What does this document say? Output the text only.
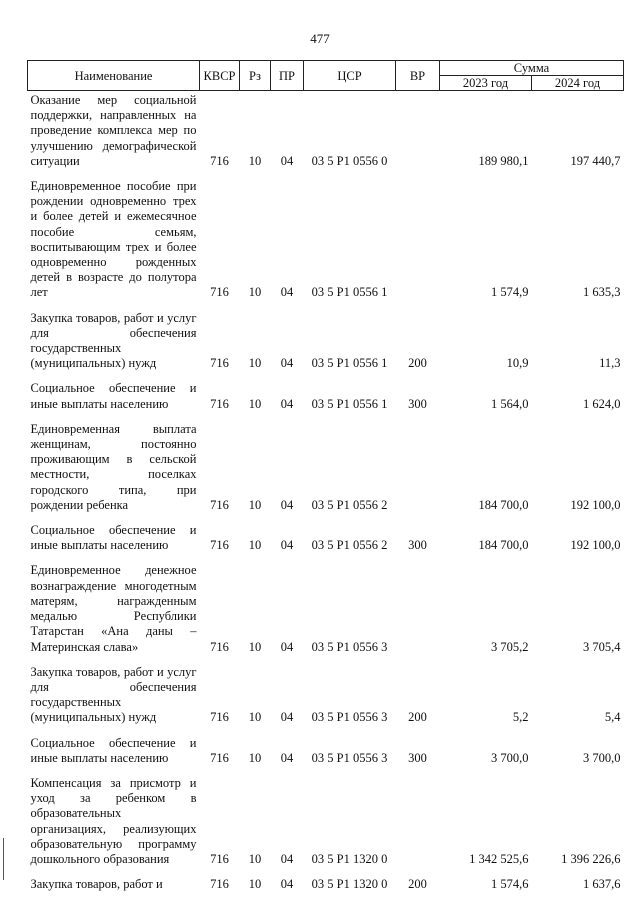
477
Наименование	КВСР	Рз	ПР	ЦСР	ВР	Сумма	
						2023 год	2024 год
Оказание мер социальной поддержки, направленных на проведение комплекса мер по улучшению демографической ситуации	716	10	04	03 5 Р1 0556 0		189 980,1	197 440,7
Единовременное пособие при рождении одновременно трех и более детей и ежемесячное пособие семьям, воспитывающим трех и более одновременно рожденных детей в возрасте до полутора лет	716	10	04	03 5 Р1 0556 1		1 574,9	1 635,3
Закупка товаров, работ и услуг для обеспечения государственных (муниципальных) нужд	716	10	04	03 5 Р1 0556 1	200	10,9	11,3
Социальное обеспечение и иные выплаты населению	716	10	04	03 5 Р1 0556 1	300	1 564,0	1 624,0
Единовременная выплата женщинам, постоянно проживающим в сельской местности, поселках городского типа, при рождении ребенка	716	10	04	03 5 Р1 0556 2		184 700,0	192 100,0
Социальное обеспечение и иные выплаты населению	716	10	04	03 5 Р1 0556 2	300	184 700,0	192 100,0
Единовременное денежное вознаграждение многодетным матерям, награжденным медалью Республики Татарстан «Ана даны – Материнская слава»	716	10	04	03 5 Р1 0556 3		3 705,2	3 705,4
Закупка товаров, работ и услуг для обеспечения государственных (муниципальных) нужд	716	10	04	03 5 Р1 0556 3	200	5,2	5,4
Социальное обеспечение и иные выплаты населению	716	10	04	03 5 Р1 0556 3	300	3 700,0	3 700,0
Компенсация за присмотр и уход за ребенком в образовательных организациях, реализующих образовательную программу дошкольного образования	716	10	04	03 5 Р1 1320 0		1 342 525,6	1 396 226,6
Закупка товаров, работ и	716	10	04	03 5 Р1 1320 0	200	1 574,6	1 637,6
